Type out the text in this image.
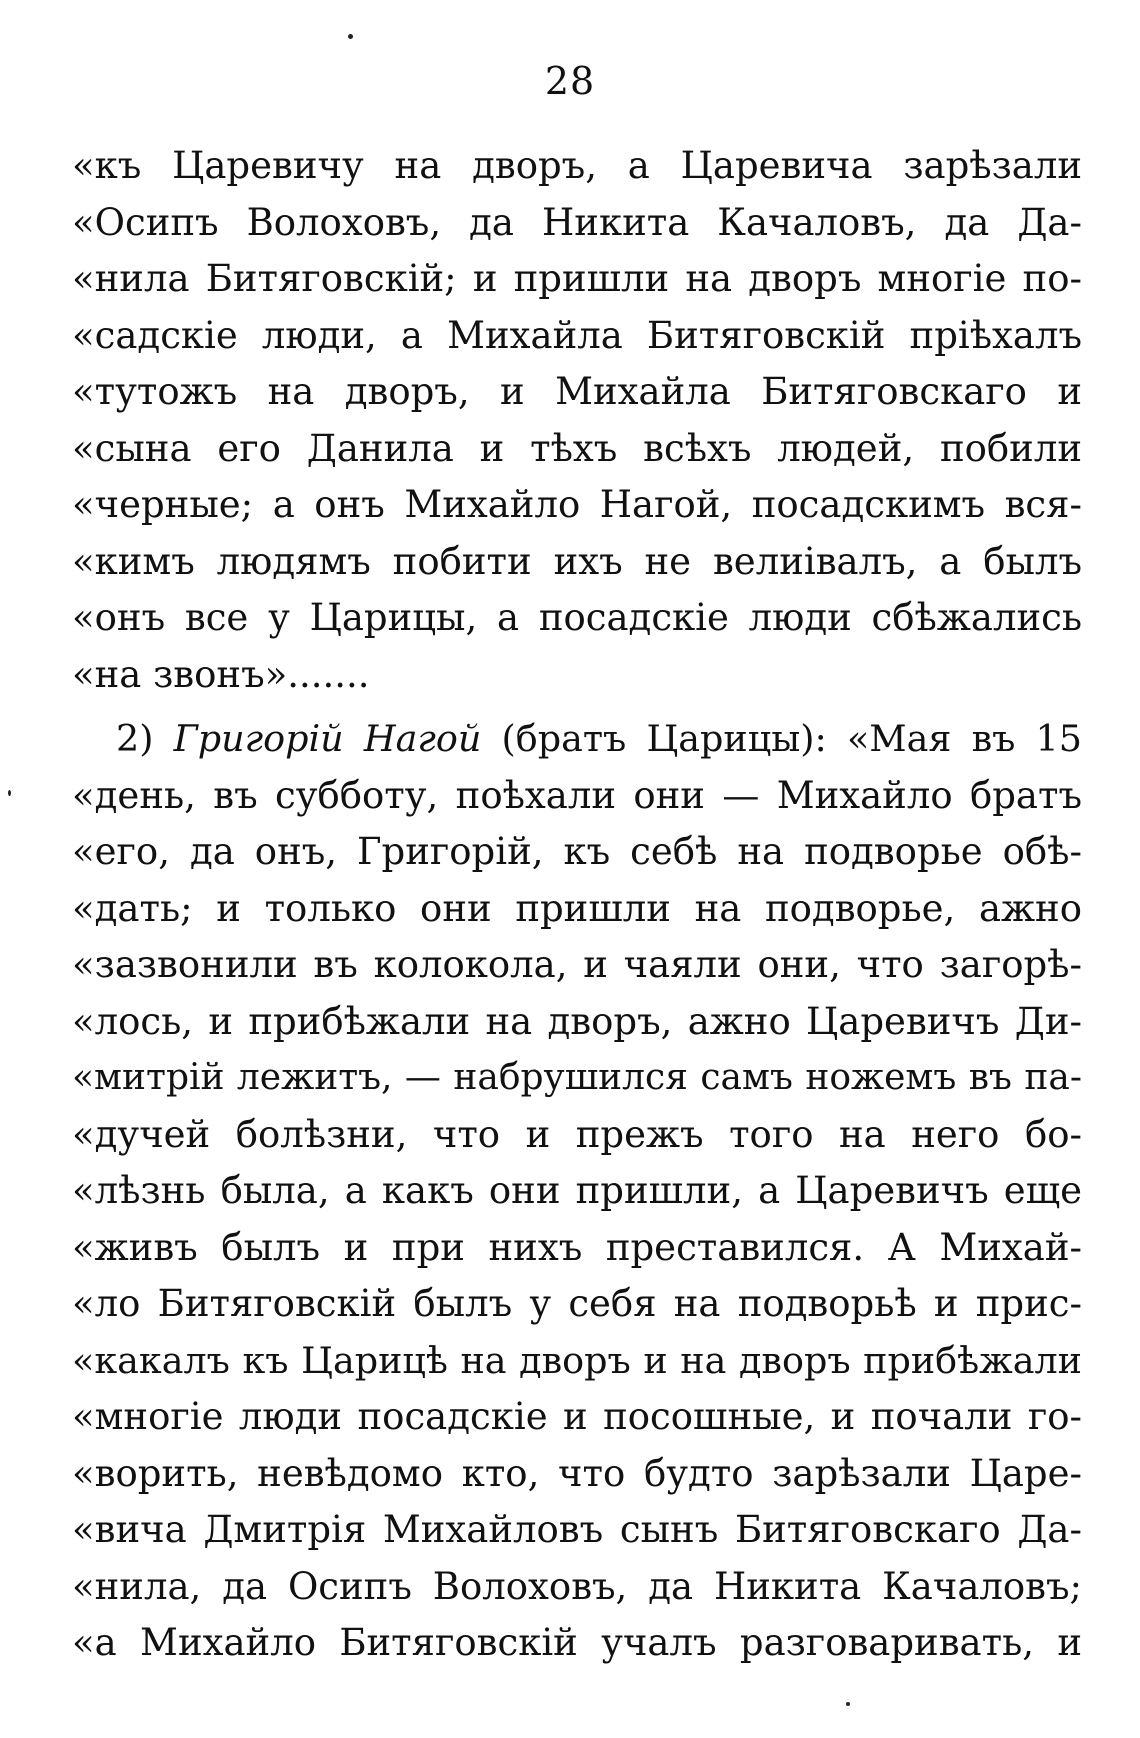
28
«къ Царевичу на дворъ, а Царевича зарѣзали
«Осипъ Волоховъ, да Никита Качаловъ, да Да-
«нила Битяговскій; и пришли на дворъ многіе по-
«садскіе люди, а Михайла Битяговскій пріѣхалъ
«тутожъ на дворъ, и Михайла Битяговскаго и
«сына его Данила и тѣхъ всѣхъ людей, побили
«черные; а онъ Михайло Нагой, посадскимъ вся-
«кимъ людямъ побити ихъ не велиівалъ, а былъ
«онъ все у Царицы, а посадскіе люди сбѣжались
«на звонъ».......
2) Григорій Нагой (братъ Царицы): «Мая въ 15
«день, въ субботу, поѣхали они — Михайло братъ
«его, да онъ, Григорій, къ себѣ на подворье обѣ-
«дать; и только они пришли на подворье, ажно
«зазвонили въ колокола, и чаяли они, что загорѣ-
«лось, и прибѣжали на дворъ, ажно Царевичъ Ди-
«митрій лежитъ, — набрушился самъ ножемъ въ па-
«дучей болѣзни, что и прежъ того на него бо-
«лѣзнь была, а какъ они пришли, а Царевичъ еще
«живъ былъ и при нихъ преставился. А Михай-
«ло Битяговскій былъ у себя на подворьѣ и прис-
«какалъ къ Царицѣ на дворъ и на дворъ прибѣжали
«многіе люди посадскіе и посошные, и почали го-
«ворить, невѣдомо кто, что будто зарѣзали Царе-
«вича Дмитрія Михайловъ сынъ Битяговскаго Да-
«нила, да Осипъ Волоховъ, да Никита Качаловъ;
«а Михайло Битяговскій учалъ разговаривать, и
